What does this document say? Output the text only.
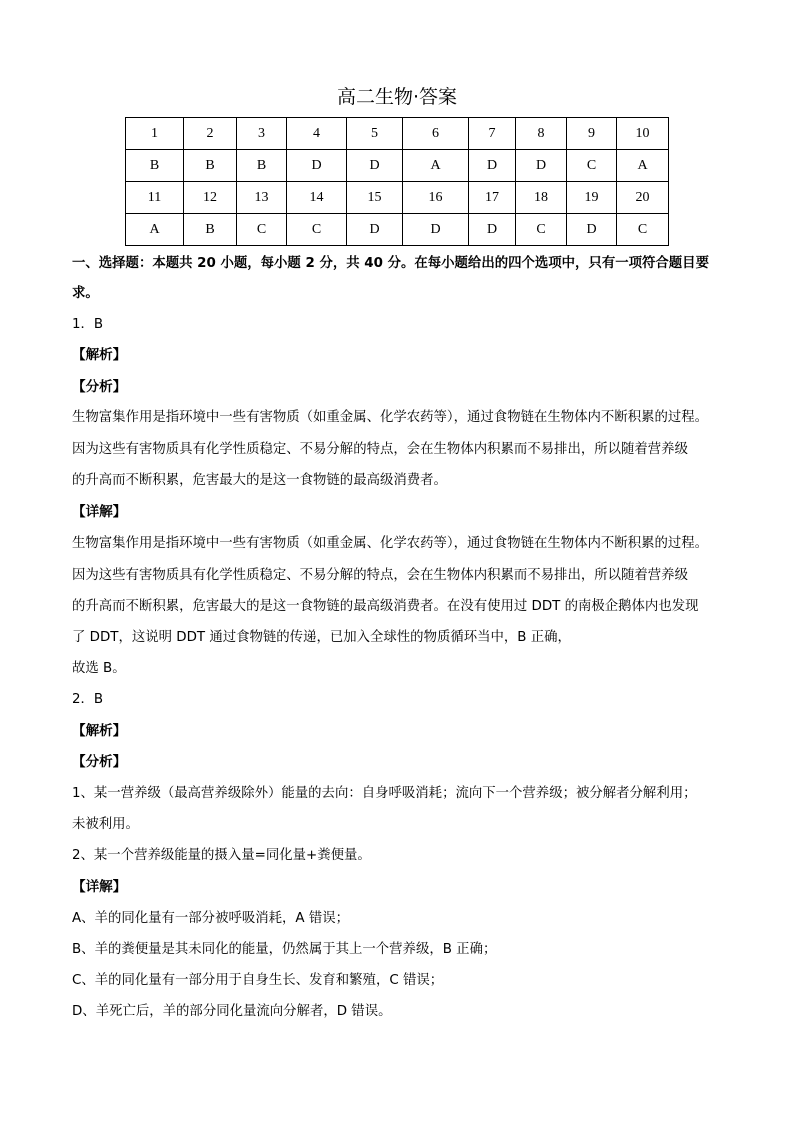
高二生物·答案
1	2	3	4	5	6	7	8	9	10
B	B	B	D	D	A	D	D	C	A
11	12	13	14	15	16	17	18	19	20
A	B	C	C	D	D	D	C	D	C
一、选择题：本题共 20 小题，每小题 2 分，共 40 分。在每小题给出的四个选项中，只有一项符合题目要
求。
1．B
【解析】
【分析】
生物富集作用是指环境中一些有害物质（如重金属、化学农药等），通过食物链在生物体内不断积累的过程。
因为这些有害物质具有化学性质稳定、不易分解的特点，会在生物体内积累而不易排出，所以随着营养级
的升高而不断积累，危害最大的是这一食物链的最高级消费者。
【详解】
生物富集作用是指环境中一些有害物质（如重金属、化学农药等），通过食物链在生物体内不断积累的过程。
因为这些有害物质具有化学性质稳定、不易分解的特点，会在生物体内积累而不易排出，所以随着营养级
的升高而不断积累，危害最大的是这一食物链的最高级消费者。在没有使用过 DDT 的南极企鹅体内也发现
了 DDT，这说明 DDT 通过食物链的传递，已加入全球性的物质循环当中，B 正确，
故选 B。
2．B
【解析】
【分析】
1、某一营养级（最高营养级除外）能量的去向：自身呼吸消耗；流向下一个营养级；被分解者分解利用；
未被利用。
2、某一个营养级能量的摄入量=同化量+粪便量。
【详解】
A、羊的同化量有一部分被呼吸消耗，A 错误；
B、羊的粪便量是其未同化的能量，仍然属于其上一个营养级，B 正确；
C、羊的同化量有一部分用于自身生长、发育和繁殖，C 错误；
D、羊死亡后，羊的部分同化量流向分解者，D 错误。
